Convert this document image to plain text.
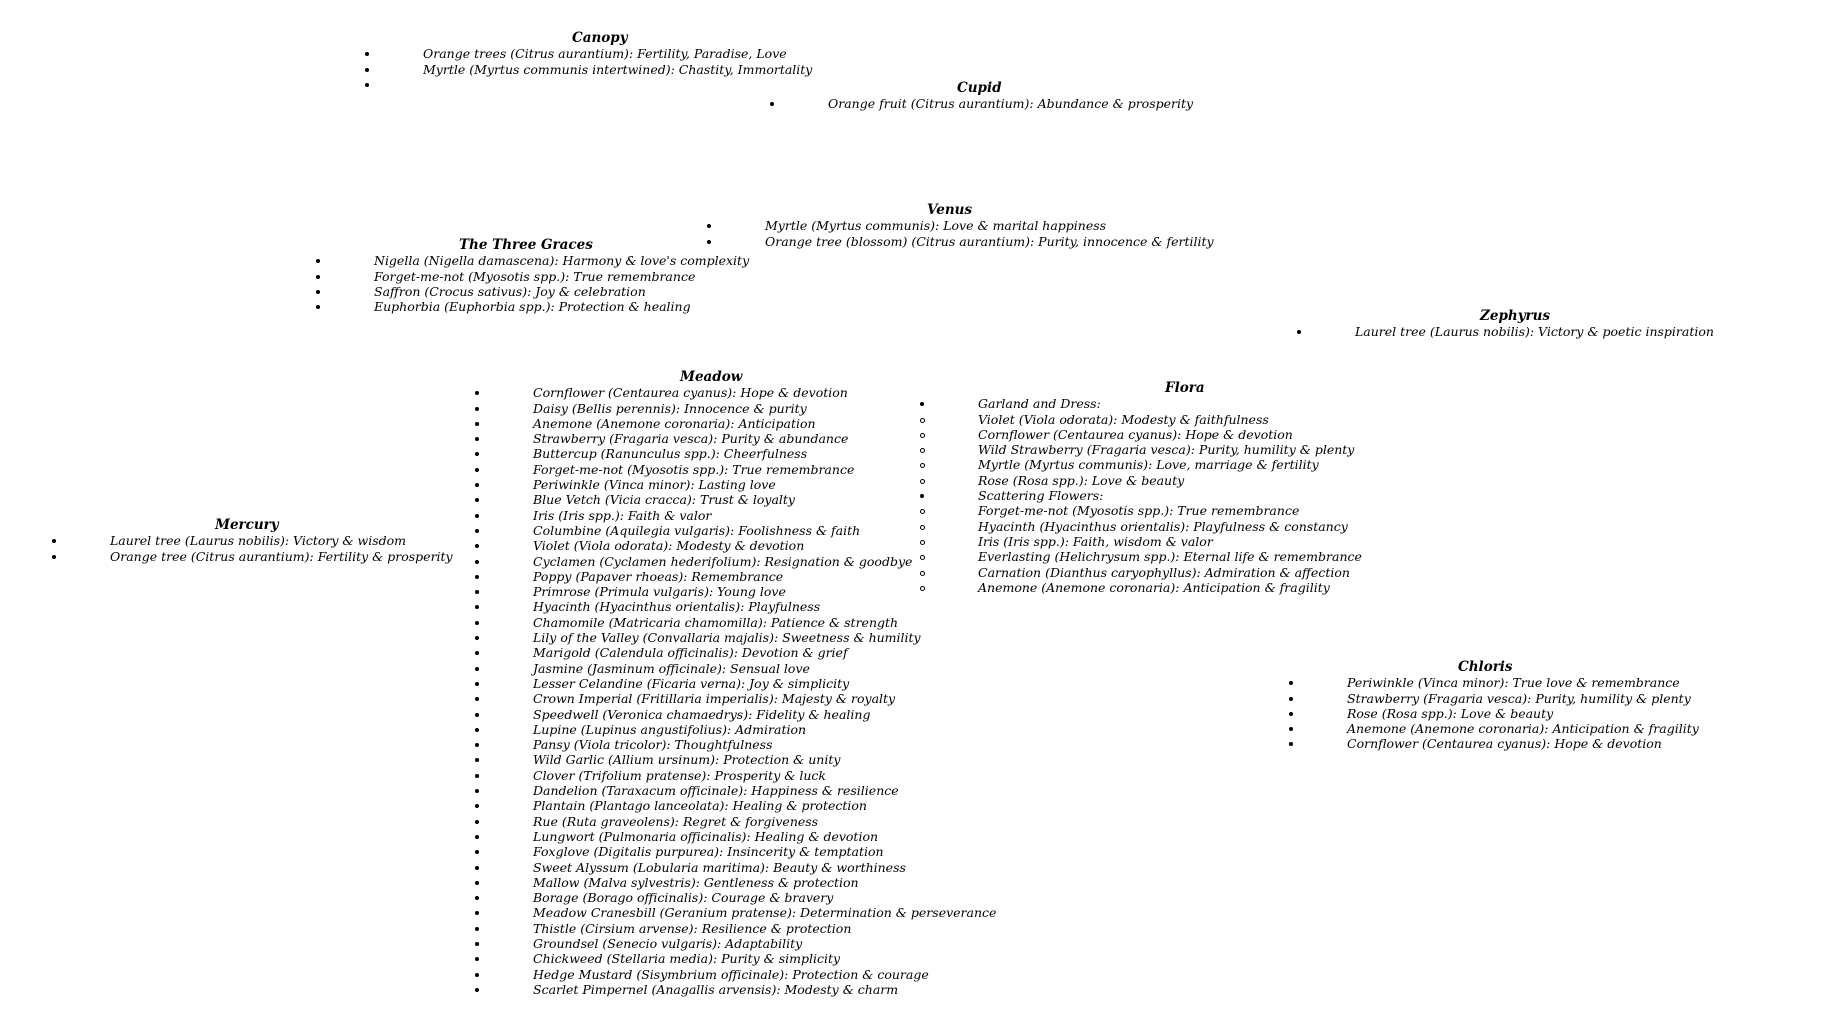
Canopy
Orange trees (Citrus aurantium): Fertility, Paradise, Love
Myrtle (Myrtus communis intertwined): Chastity, Immortality
Cupid
Orange fruit (Citrus aurantium): Abundance & prosperity
Venus
Myrtle (Myrtus communis): Love & marital happiness
Orange tree (blossom) (Citrus aurantium): Purity, innocence & fertility
The Three Graces
Nigella (Nigella damascena): Harmony & love's complexity
Forget-me-not (Myosotis spp.): True remembrance
Saffron (Crocus sativus): Joy & celebration
Euphorbia (Euphorbia spp.): Protection & healing
Zephyrus
Laurel tree (Laurus nobilis): Victory & poetic inspiration
Mercury
Laurel tree (Laurus nobilis): Victory & wisdom
Orange tree (Citrus aurantium): Fertility & prosperity
Meadow
Cornflower (Centaurea cyanus): Hope & devotion
Daisy (Bellis perennis): Innocence & purity
Anemone (Anemone coronaria): Anticipation
Strawberry (Fragaria vesca): Purity & abundance
Buttercup (Ranunculus spp.): Cheerfulness
Forget-me-not (Myosotis spp.): True remembrance
Periwinkle (Vinca minor): Lasting love
Blue Vetch (Vicia cracca): Trust & loyalty
Iris (Iris spp.): Faith & valor
Columbine (Aquilegia vulgaris): Foolishness & faith
Violet (Viola odorata): Modesty & devotion
Cyclamen (Cyclamen hederifolium): Resignation & goodbye
Poppy (Papaver rhoeas): Remembrance
Primrose (Primula vulgaris): Young love
Hyacinth (Hyacinthus orientalis): Playfulness
Chamomile (Matricaria chamomilla): Patience & strength
Lily of the Valley (Convallaria majalis): Sweetness & humility
Marigold (Calendula officinalis): Devotion & grief
Jasmine (Jasminum officinale): Sensual love
Lesser Celandine (Ficaria verna): Joy & simplicity
Crown Imperial (Fritillaria imperialis): Majesty & royalty
Speedwell (Veronica chamaedrys): Fidelity & healing
Lupine (Lupinus angustifolius): Admiration
Pansy (Viola tricolor): Thoughtfulness
Wild Garlic (Allium ursinum): Protection & unity
Clover (Trifolium pratense): Prosperity & luck
Dandelion (Taraxacum officinale): Happiness & resilience
Plantain (Plantago lanceolata): Healing & protection
Rue (Ruta graveolens): Regret & forgiveness
Lungwort (Pulmonaria officinalis): Healing & devotion
Foxglove (Digitalis purpurea): Insincerity & temptation
Sweet Alyssum (Lobularia maritima): Beauty & worthiness
Mallow (Malva sylvestris): Gentleness & protection
Borage (Borago officinalis): Courage & bravery
Meadow Cranesbill (Geranium pratense): Determination & perseverance
Thistle (Cirsium arvense): Resilience & protection
Groundsel (Senecio vulgaris): Adaptability
Chickweed (Stellaria media): Purity & simplicity
Hedge Mustard (Sisymbrium officinale): Protection & courage
Scarlet Pimpernel (Anagallis arvensis): Modesty & charm
Flora
Garland and Dress:
Violet (Viola odorata): Modesty & faithfulness
Cornflower (Centaurea cyanus): Hope & devotion
Wild Strawberry (Fragaria vesca): Purity, humility & plenty
Myrtle (Myrtus communis): Love, marriage & fertility
Rose (Rosa spp.): Love & beauty
Scattering Flowers:
Forget-me-not (Myosotis spp.): True remembrance
Hyacinth (Hyacinthus orientalis): Playfulness & constancy
Iris (Iris spp.): Faith, wisdom & valor
Everlasting (Helichrysum spp.): Eternal life & remembrance
Carnation (Dianthus caryophyllus): Admiration & affection
Anemone (Anemone coronaria): Anticipation & fragility
Chloris
Periwinkle (Vinca minor): True love & remembrance
Strawberry (Fragaria vesca): Purity, humility & plenty
Rose (Rosa spp.): Love & beauty
Anemone (Anemone coronaria): Anticipation & fragility
Cornflower (Centaurea cyanus): Hope & devotion
